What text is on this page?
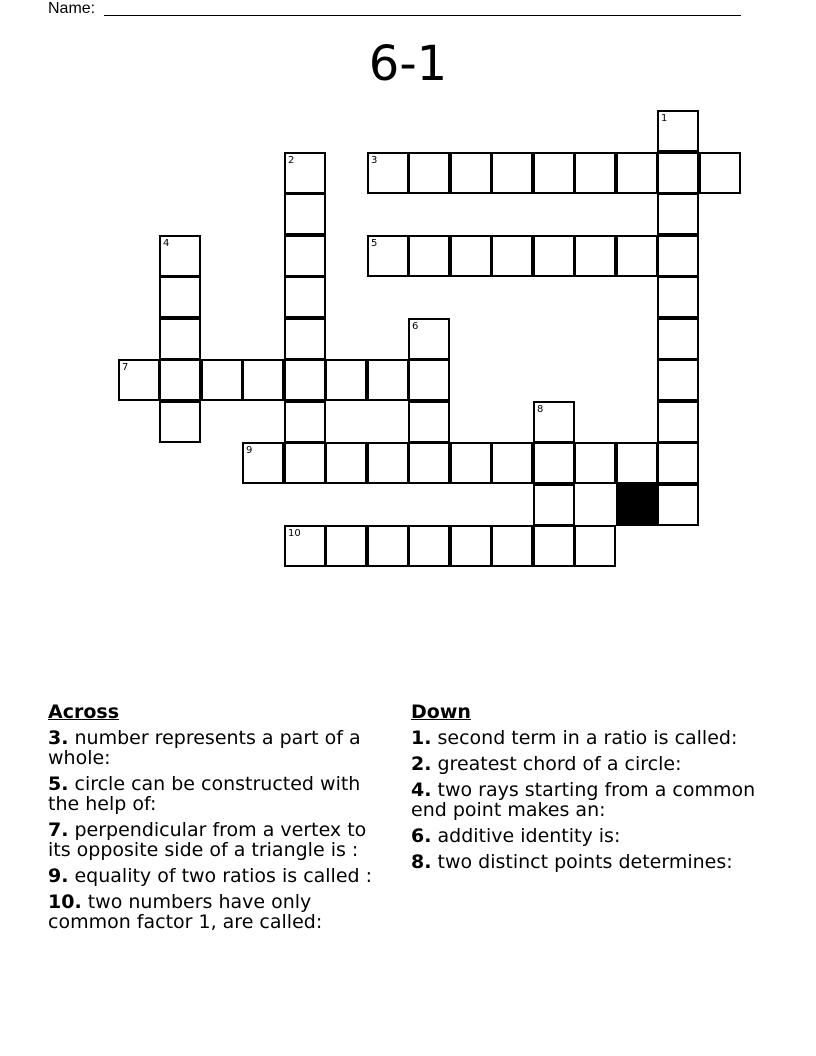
Name:
6-1
1
2	3
4	5
6
7
8
9
10
Across
3. number represents a part of a whole:
5. circle can be constructed with the help of:
7. perpendicular from a vertex to its opposite side of a triangle is :
9. equality of two ratios is called :
10. two numbers have only common factor 1, are called:
Down
1. second term in a ratio is called:
2. greatest chord of a circle:
4. two rays starting from a common end point makes an:
6. additive identity is:
8. two distinct points determines:
